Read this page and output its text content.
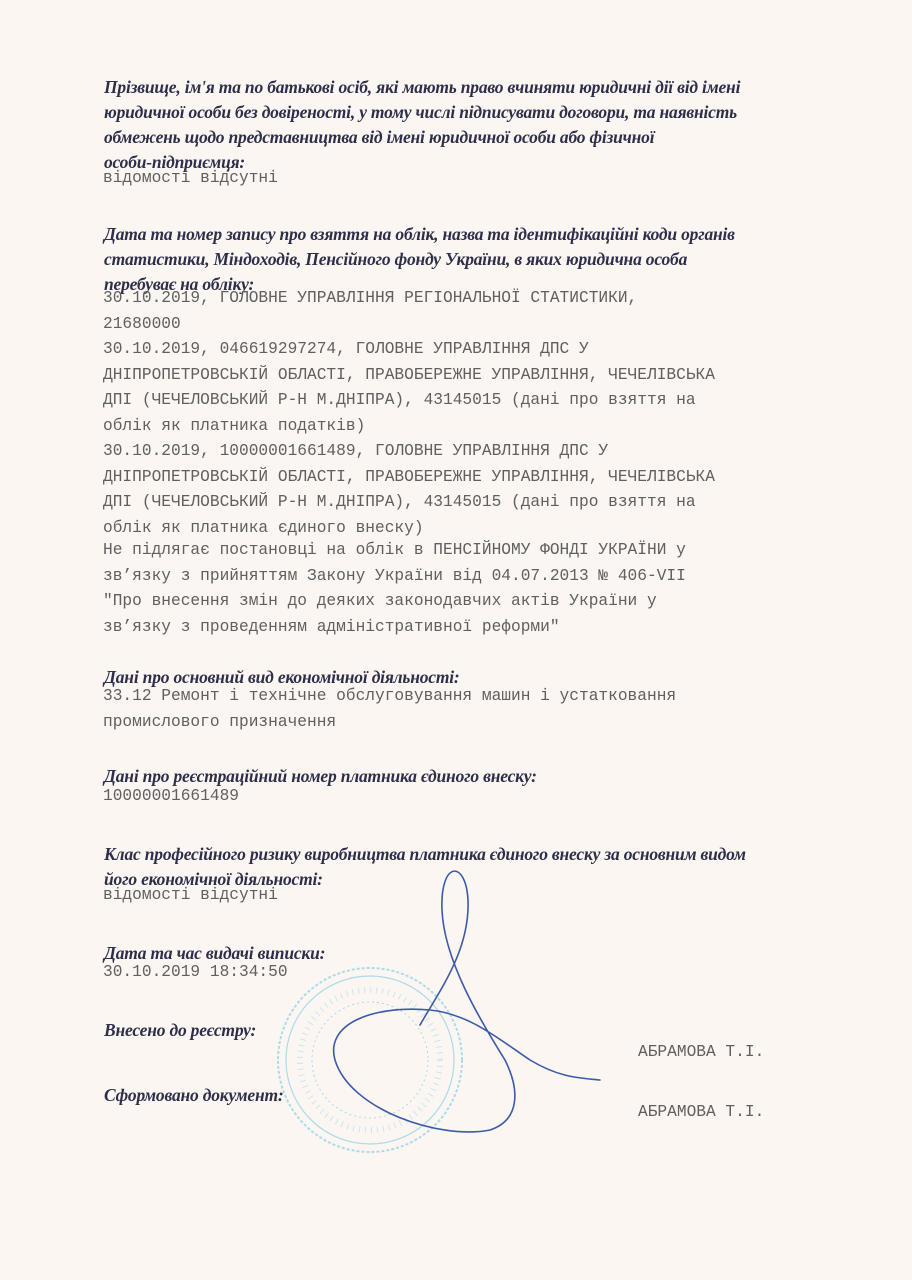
Прізвище, ім'я та по батькові осіб, які мають право вчиняти юридичні дії від імені
юридичної особи без довіреності, у тому числі підписувати договори, та наявність
обмежень щодо представництва від імені юридичної особи або фізичної
особи-підприємця:
відомості відсутні
Дата та номер запису про взяття на облік, назва та ідентифікаційні коди органів
статистики, Міндоходів, Пенсійного фонду України, в яких юридична особа
перебуває на обліку:
30.10.2019, ГОЛОВНЕ УПРАВЛІННЯ РЕГІОНАЛЬНОЇ СТАТИСТИКИ,
21680000
30.10.2019, 046619297274, ГОЛОВНЕ УПРАВЛІННЯ ДПС У
ДНІПРОПЕТРОВСЬКІЙ ОБЛАСТІ, ПРАВОБЕРЕЖНЕ УПРАВЛІННЯ, ЧЕЧЕЛІВСЬКА
ДПІ (ЧЕЧЕЛОВСЬКИЙ Р-Н М.ДНІПРА), 43145015 (дані про взяття на
облік як платника податків)
30.10.2019, 10000001661489, ГОЛОВНЕ УПРАВЛІННЯ ДПС У
ДНІПРОПЕТРОВСЬКІЙ ОБЛАСТІ, ПРАВОБЕРЕЖНЕ УПРАВЛІННЯ, ЧЕЧЕЛІВСЬКА
ДПІ (ЧЕЧЕЛОВСЬКИЙ Р-Н М.ДНІПРА), 43145015 (дані про взяття на
облік як платника єдиного внеску)
Не підлягає постановці на облік в ПЕНСІЙНОМУ ФОНДІ УКРАЇНИ у
зв’язку з прийняттям Закону України від 04.07.2013 № 406-VII
"Про внесення змін до деяких законодавчих актів України у
зв’язку з проведенням адміністративної реформи"
Дані про основний вид економічної діяльності:
33.12 Ремонт і технічне обслуговування машин і устатковання
промислового призначення
Дані про реєстраційний номер платника єдиного внеску:
10000001661489
Клас професійного ризику виробництва платника єдиного внеску за основним видом
його економічної діяльності:
відомості відсутні
Дата та час видачі виписки:
30.10.2019 18:34:50
Внесено до реєстру:
АБРАМОВА Т.І.
Сформовано документ:
АБРАМОВА Т.І.
